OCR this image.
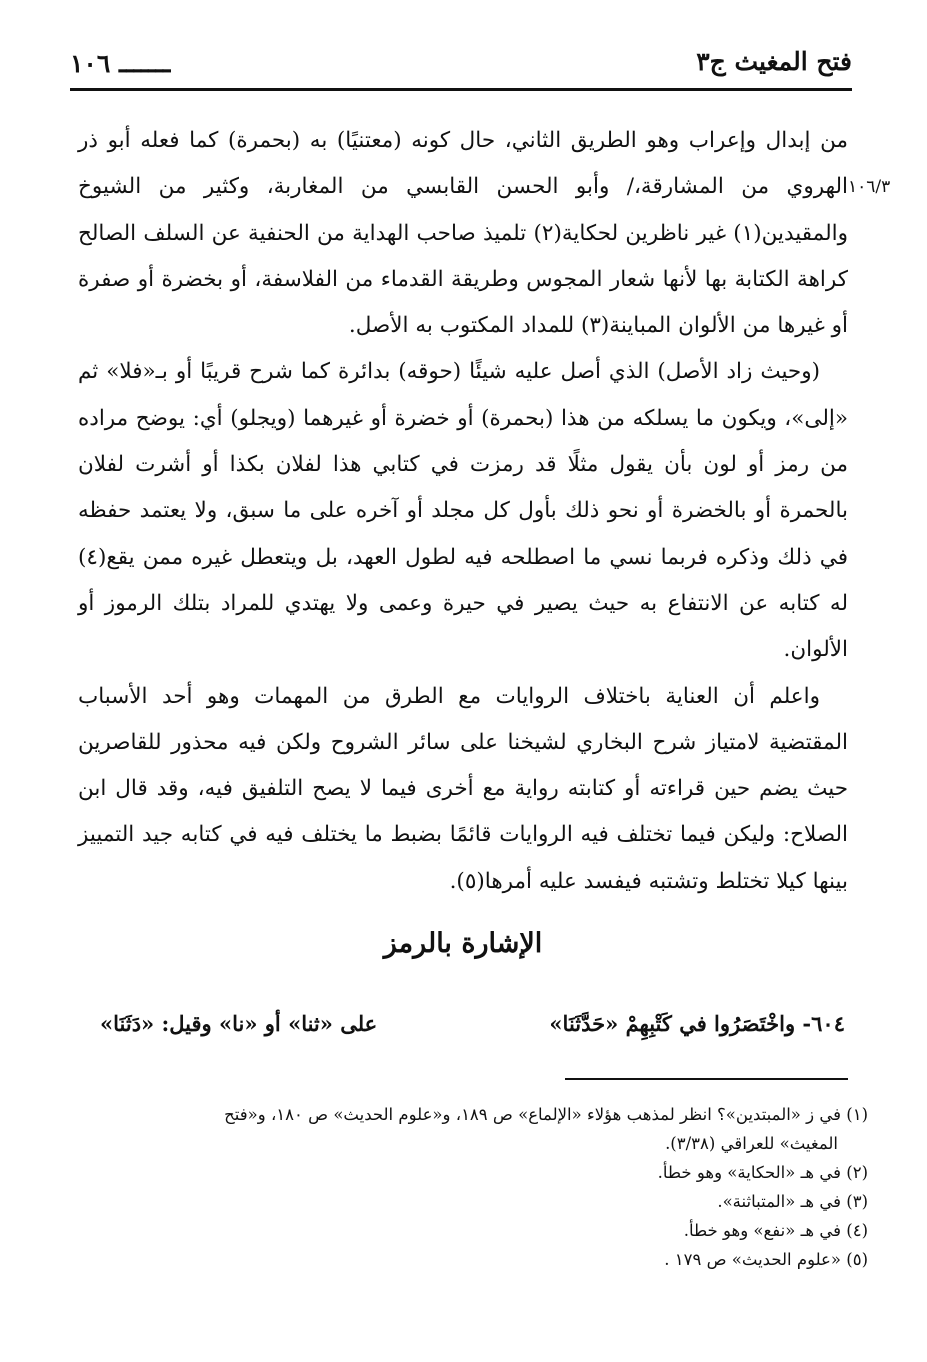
فتح المغيث ج٣
ـــــــ ١٠٦
١٠٦/٣

من إبدال وإعراب وهو الطريق الثاني، حال كونه (معتنيًا) به (بحمرة) كما فعله أبو ذر الهروي من المشارقة،/ وأبو الحسن القابسي من المغاربة، وكثير من الشيوخ والمقيدين(١) غير ناظرين لحكاية(٢) تلميذ صاحب الهداية من الحنفية عن السلف الصالح كراهة الكتابة بها لأنها شعار المجوس وطريقة القدماء من الفلاسفة، أو بخضرة أو صفرة أو غيرها من الألوان المباينة(٣) للمداد المكتوب به الأصل.

(وحيث زاد الأصل) الذي أصل عليه شيئًا (حوقه) بدائرة كما شرح قريبًا أو بـ«فلا» ثم «إلى»، ويكون ما يسلكه من هذا (بحمرة) أو خضرة أو غيرهما (ويجلو) أي: يوضح مراده من رمز أو لون بأن يقول مثلًا قد رمزت في كتابي هذا لفلان بكذا أو أشرت لفلان بالحمرة أو بالخضرة أو نحو ذلك بأول كل مجلد أو آخره على ما سبق، ولا يعتمد حفظه في ذلك وذكره فربما نسي ما اصطلحه فيه لطول العهد، بل ويتعطل غيره ممن يقع(٤) له كتابه عن الانتفاع به حيث يصير في حيرة وعمى ولا يهتدي للمراد بتلك الرموز أو الألوان.

واعلم أن العناية باختلاف الروايات مع الطرق من المهمات وهو أحد الأسباب المقتضية لامتياز شرح البخاري لشيخنا على سائر الشروح ولكن فيه محذور للقاصرين حيث يضم حين قراءته أو كتابته رواية مع أخرى فيما لا يصح التلفيق فيه، وقد قال ابن الصلاح: وليكن فيما تختلف فيه الروايات قائمًا بضبط ما يختلف فيه في كتابه جيد التمييز بينها كيلا تختلط وتشتبه فيفسد عليه أمرها(٥).

الإشارة بالرمز
٦٠٤- واخْتَصَرُوا في كَتْبِهِمْ «حَدَّثَنَا»
على «ثنا» أو «نا» وقيل: «دَثَنَا»

(١) في ز «المبتدين»؟ انظر لمذهب هؤلاء «الإلماع» ص ١٨٩، و«علوم الحديث» ص ١٨٠، و«فتح

المغيث» للعراقي (٣/٣٨).

(٢) في هـ «الحكاية» وهو خطأ.

(٣) في هـ «المتباثنة».

(٤) في هـ «نفع» وهو خطأ.

(٥) «علوم الحديث» ص ١٧٩ .
